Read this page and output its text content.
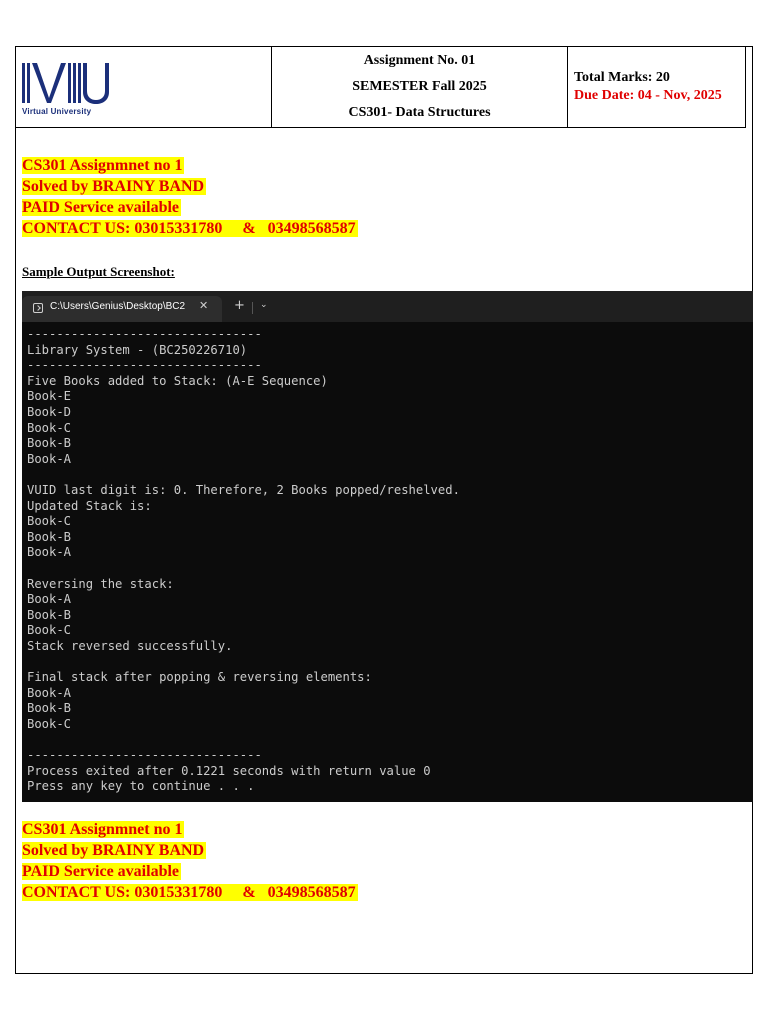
Virtual University

Assignment No. 01
SEMESTER Fall 2025
CS301- Data Structures

Total Marks: 20
Due Date: 04 - Nov, 2025
CS301 Assignmnet no 1
Solved by BRAINY BAND
PAID Service available
CONTACT US: 03015331780     &   03498568587
Sample Output Screenshot:
C:\Users\Genius\Desktop\BC2	✕ + ⌄
--------------------------------
Library System - (BC250226710)
--------------------------------
Five Books added to Stack: (A-E Sequence)
Book-E
Book-D
Book-C
Book-B
Book-A
VUID last digit is: 0. Therefore, 2 Books popped/reshelved.
Updated Stack is:
Book-C
Book-B
Book-A
Reversing the stack:
Book-A
Book-B
Book-C
Stack reversed successfully.
Final stack after popping & reversing elements:
Book-A
Book-B
Book-C
--------------------------------
Process exited after 0.1221 seconds with return value 0
Press any key to continue . . .
CS301 Assignmnet no 1
Solved by BRAINY BAND
PAID Service available
CONTACT US: 03015331780     &   03498568587
